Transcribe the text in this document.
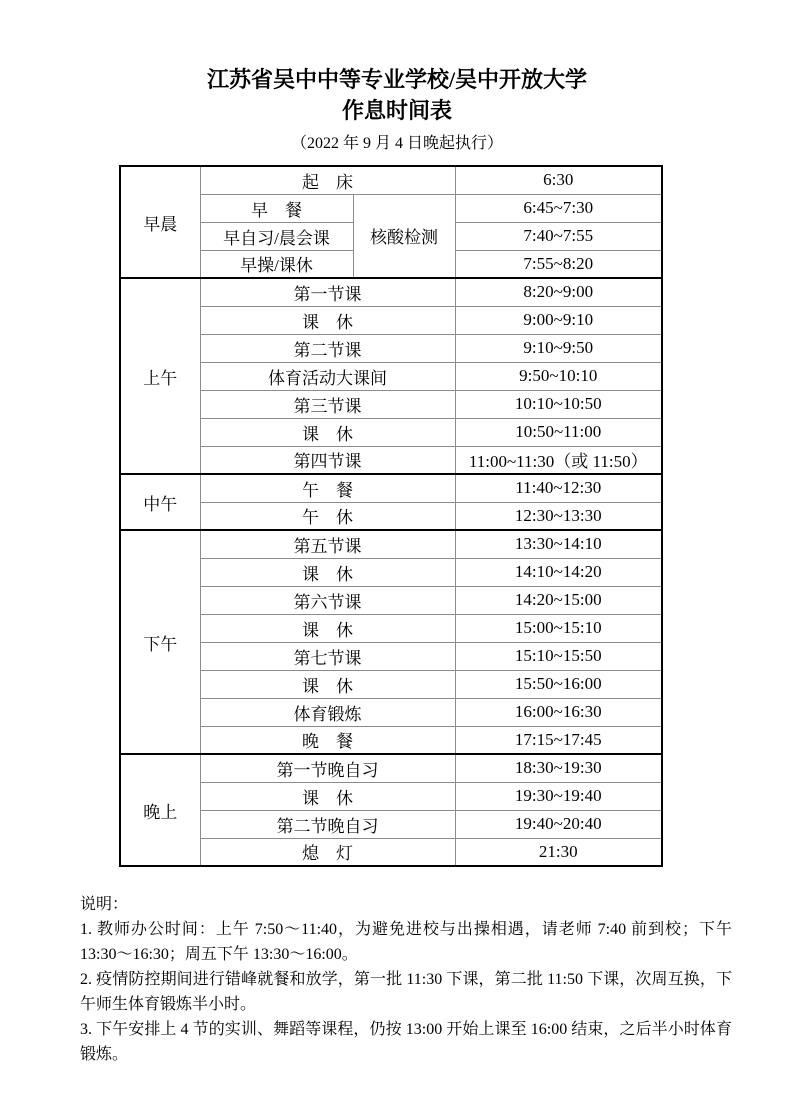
江苏省吴中中等专业学校/吴中开放大学
作息时间表
（2022 年 9 月 4 日晚起执行）
早晨	起　床		6:30
	早　餐	核酸检测	6:45~7:30
	早自习/晨会课		7:40~7:55
	早操/课休		7:55~8:20
上午	第一节课		8:20~9:00
	课　休		9:00~9:10
	第二节课		9:10~9:50
	体育活动大课间		9:50~10:10
	第三节课		10:10~10:50
	课　休		10:50~11:00
	第四节课		11:00~11:30（或 11:50）
中午	午　餐		11:40~12:30
	午　休		12:30~13:30
下午	第五节课		13:30~14:10
	课　休		14:10~14:20
	第六节课		14:20~15:00
	课　休		15:00~15:10
	第七节课		15:10~15:50
	课　休		15:50~16:00
	体育锻炼		16:00~16:30
	晚　餐		17:15~17:45
晚上	第一节晚自习		18:30~19:30
	课　休		19:30~19:40
	第二节晚自习		19:40~20:40
	熄　灯		21:30
说明：
1. 教师办公时间：上午 7:50～11:40，为避免进校与出操相遇，请老师 7:40 前到校；下午 13:30～16:30；周五下午 13:30～16:00。
2. 疫情防控期间进行错峰就餐和放学，第一批 11:30 下课，第二批 11:50 下课，次周互换，下午师生体育锻炼半小时。
3. 下午安排上 4 节的实训、舞蹈等课程，仍按 13:00 开始上课至 16:00 结束，之后半小时体育锻炼。
